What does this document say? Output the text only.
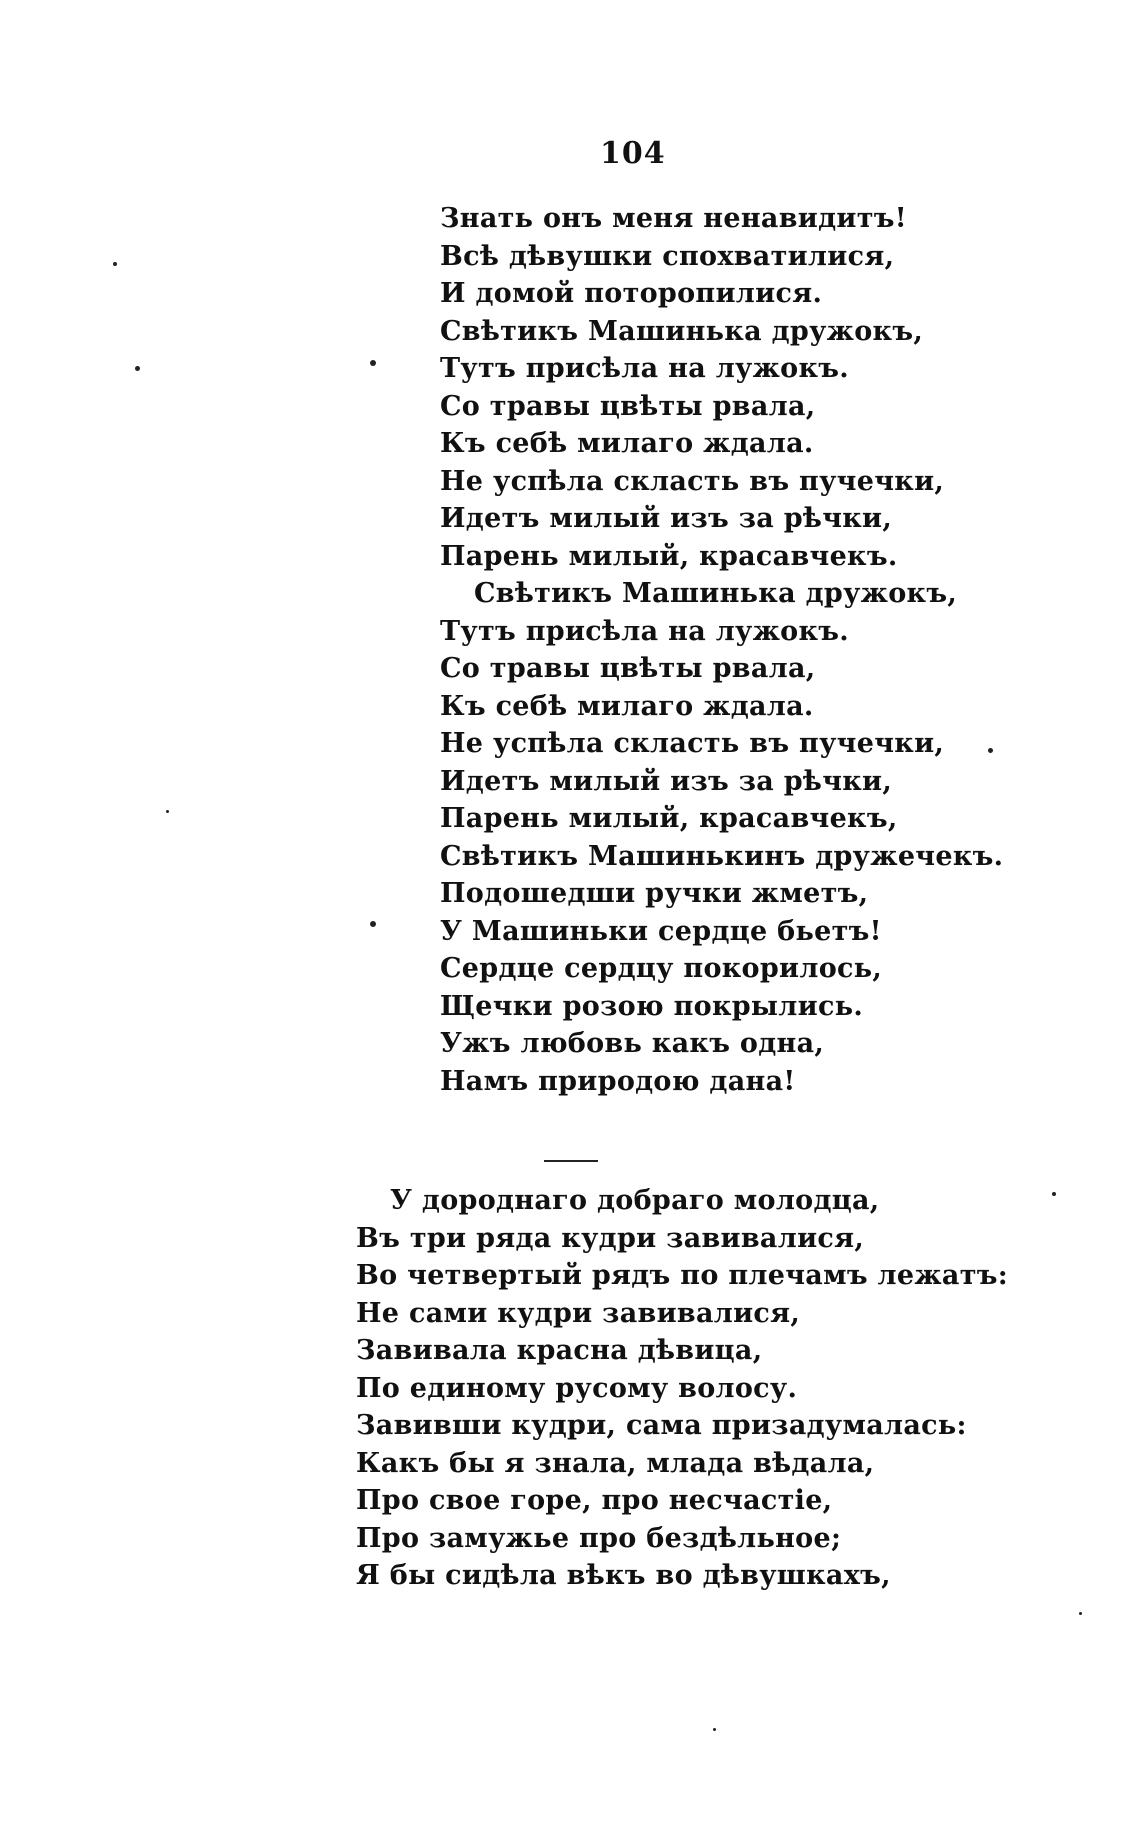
104
Знать онъ меня ненавидитъ!
Всѣ дѣвушки спохватилися,
И домой поторопилися.
Свѣтикъ Машинька дружокъ,
Тутъ присѣла на лужокъ.
Со травы цвѣты рвала,
Къ себѣ милаго ждала.
Не успѣла скласть въ пучечки,
Идетъ милый изъ за рѣчки,
Парень милый, красавчекъ.
Свѣтикъ Машинька дружокъ,
Тутъ присѣла на лужокъ.
Со травы цвѣты рвала,
Къ себѣ милаго ждала.
Не успѣла скласть въ пучечки,
Идетъ милый изъ за рѣчки,
Парень милый, красавчекъ,
Свѣтикъ Машинькинъ дружечекъ.
Подошедши ручки жметъ,
У Машиньки сердце бьетъ!
Сердце сердцу покорилось,
Щечки розою покрылись.
Ужъ любовь какъ одна,
Намъ природою дана!
У дороднаго добраго молодца,
Въ три ряда кудри завивалися,
Во четвертый рядъ по плечамъ лежатъ:
Не сами кудри завивалися,
Завивала красна дѣвица,
По единому русому волосу.
Завивши кудри, сама призадумалась:
Какъ бы я знала, млада вѣдала,
Про свое горе, про несчастіе,
Про замужье про бездѣльное;
Я бы сидѣла вѣкъ во дѣвушкахъ,
